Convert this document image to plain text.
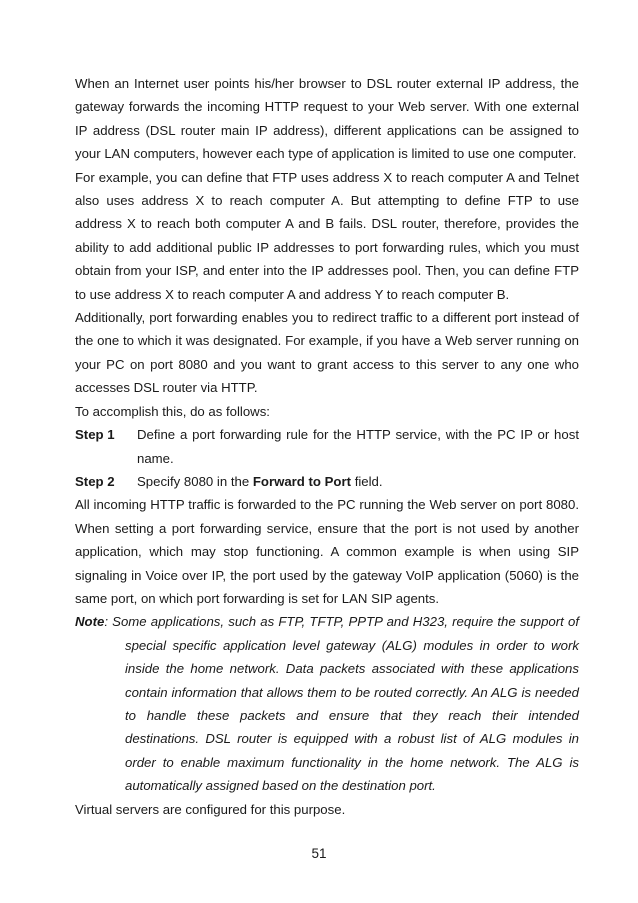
When an Internet user points his/her browser to DSL router external IP address, the gateway forwards the incoming HTTP request to your Web server. With one external IP address (DSL router main IP address), different applications can be assigned to your LAN computers, however each type of application is limited to use one computer.

For example, you can define that FTP uses address X to reach computer A and Telnet also uses address X to reach computer A. But attempting to define FTP to use address X to reach both computer A and B fails. DSL router, therefore, provides the ability to add additional public IP addresses to port forwarding rules, which you must obtain from your ISP, and enter into the IP addresses pool. Then, you can define FTP to use address X to reach computer A and address Y to reach computer B.

Additionally, port forwarding enables you to redirect traffic to a different port instead of the one to which it was designated. For example, if you have a Web server running on your PC on port 8080 and you want to grant access to this server to any one who accesses DSL router via HTTP.

To accomplish this, do as follows:

Step 1	Define a port forwarding rule for the HTTP service, with the PC IP or host name.
Step 2	Specify 8080 in the Forward to Port field.

All incoming HTTP traffic is forwarded to the PC running the Web server on port 8080. When setting a port forwarding service, ensure that the port is not used by another application, which may stop functioning. A common example is when using SIP signaling in Voice over IP, the port used by the gateway VoIP application (5060) is the same port, on which port forwarding is set for LAN SIP agents.

Note: Some applications, such as FTP, TFTP, PPTP and H323, require the support of special specific application level gateway (ALG) modules in order to work inside the home network. Data packets associated with these applications contain information that allows them to be routed correctly. An ALG is needed to handle these packets and ensure that they reach their intended destinations. DSL router is equipped with a robust list of ALG modules in order to enable maximum functionality in the home network. The ALG is automatically assigned based on the destination port.

Virtual servers are configured for this purpose.

51
